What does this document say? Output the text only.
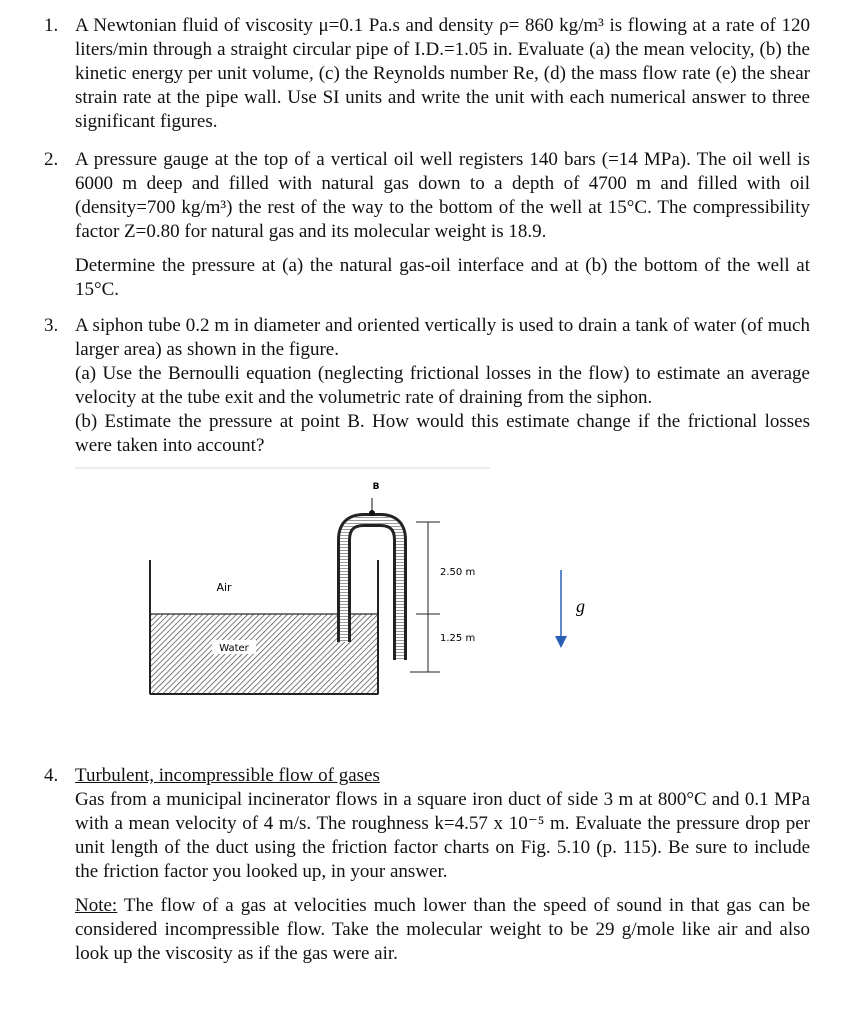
1. A Newtonian fluid of viscosity μ=0.1 Pa.s and density ρ= 860 kg/m³ is flowing at a rate of 120 liters/min through a straight circular pipe of I.D.=1.05 in. Evaluate (a) the mean velocity, (b) the kinetic energy per unit volume, (c) the Reynolds number Re, (d) the mass flow rate (e) the shear strain rate at the pipe wall. Use SI units and write the unit with each numerical answer to three significant figures.

2. A pressure gauge at the top of a vertical oil well registers 140 bars (=14 MPa). The oil well is 6000 m deep and filled with natural gas down to a depth of 4700 m and filled with oil (density=700 kg/m³) the rest of the way to the bottom of the well at 15°C. The compressibility factor Z=0.80 for natural gas and its molecular weight is 18.9.

Determine the pressure at (a) the natural gas-oil interface and at (b) the bottom of the well at 15°C.

3. A siphon tube 0.2 m in diameter and oriented vertically is used to drain a tank of water (of much larger area) as shown in the figure.

(a) Use the Bernoulli equation (neglecting frictional losses in the flow) to estimate an average velocity at the tube exit and the volumetric rate of draining from the siphon.

(b) Estimate the pressure at point B. How would this estimate change if the frictional losses were taken into account?

B
Air
Water
2.50 m
1.25 m
g
4. Turbulent, incompressible flow of gases

Gas from a municipal incinerator flows in a square iron duct of side 3 m at 800°C and 0.1 MPa with a mean velocity of 4 m/s. The roughness k=4.57 x 10⁻⁵ m. Evaluate the pressure drop per unit length of the duct using the friction factor charts on Fig. 5.10 (p. 115). Be sure to include the friction factor you looked up, in your answer.

Note: The flow of a gas at velocities much lower than the speed of sound in that gas can be considered incompressible flow. Take the molecular weight to be 29 g/mole like air and also look up the viscosity as if the gas were air.
